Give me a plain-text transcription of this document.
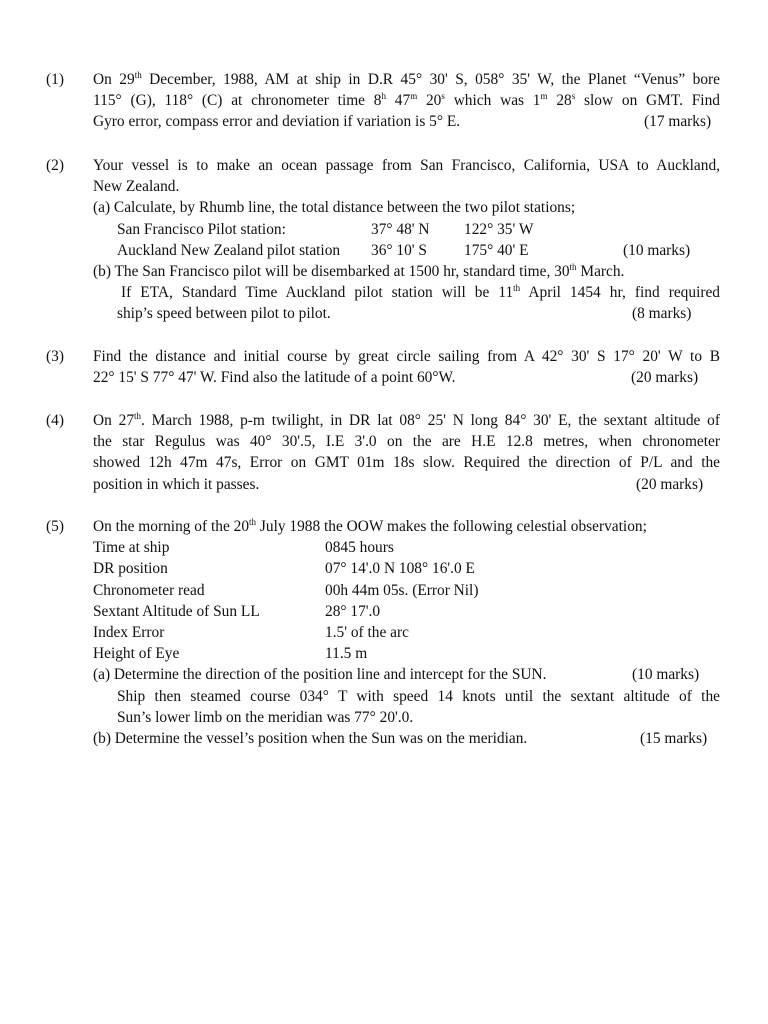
(1)	On 29th December, 1988, AM at ship in D.R 45° 30' S, 058° 35' W, the Planet “Venus” bore
115° (G), 118° (C) at chronometer time 8$^h$ 47$^m$ 20$^s$ which was 1$^m$ 28$^s$ slow on GMT. Find
Gyro error, compass error and deviation if variation is 5° E.	(17 marks)
(2)	Your vessel is to make an ocean passage from San Francisco, California, USA to Auckland,
New Zealand.
(a) Calculate, by Rhumb line, the total distance between the two pilot stations;
San Francisco Pilot station:	37° 48' N 122° 35' W
Auckland New Zealand pilot station 36° 10' S 175° 40' E	(10 marks)
(b) The San Francisco pilot will be disembarked at 1500 hr, standard time, 30th March.
If ETA, Standard Time Auckland pilot station will be 11th April 1454 hr, find required
ship’s speed between pilot to pilot.	(8 marks)
(3)	Find the distance and initial course by great circle sailing from A 42° 30' S 17° 20' W to B
22° 15' S 77° 47' W. Find also the latitude of a point 60°W.	(20 marks)
(4)	On 27th. March 1988, p-m twilight, in DR lat 08° 25' N long 84° 30' E, the sextant altitude of
the star Regulus was 40° 30'.5, I.E 3'.0 on the are H.E 12.8 metres, when chronometer
showed 12h 47m 47s, Error on GMT 01m 18s slow. Required the direction of P/L and the
position in which it passes.	(20 marks)
(5)	On the morning of the 20th July 1988 the OOW makes the following celestial observation;
Time at ship	0845 hours
DR position	07° 14'.0 N 108° 16'.0 E
Chronometer read	00h 44m 05s. (Error Nil)
Sextant Altitude of Sun LL	28° 17'.0
Index Error	1.5' of the arc
Height of Eye	11.5 m
(a) Determine the direction of the position line and intercept for the SUN.	(10 marks)
Ship then steamed course 034° T with speed 14 knots until the sextant altitude of the
Sun’s lower limb on the meridian was 77° 20'.0.
(b) Determine the vessel’s position when the Sun was on the meridian.	(15 marks)
